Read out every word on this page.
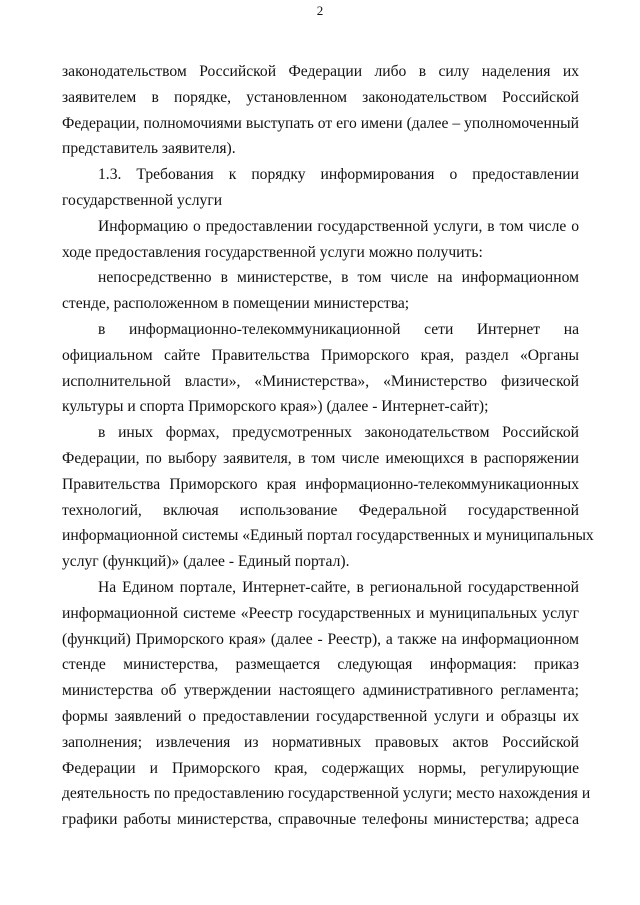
2

законодательством Российской Федерации либо в силу наделения их
заявителем в порядке, установленном законодательством Российской
Федерации, полномочиями выступать от его имени (далее – уполномоченный
представитель заявителя).

1.3. Требования к порядку информирования о предоставлении
государственной услуги

Информацию о предоставлении государственной услуги, в том числе о
ходе предоставления государственной услуги можно получить:

непосредственно в министерстве, в том числе на информационном
стенде, расположенном в помещении министерства;

в информационно-телекоммуникационной сети Интернет на
официальном сайте Правительства Приморского края, раздел «Органы
исполнительной власти», «Министерства», «Министерство физической
культуры и спорта Приморского края») (далее - Интернет-сайт);

в иных формах, предусмотренных законодательством Российской
Федерации, по выбору заявителя, в том числе имеющихся в распоряжении
Правительства Приморского края информационно-телекоммуникационных
технологий, включая использование Федеральной государственной
информационной системы «Единый портал государственных и муниципальных
услуг (функций)» (далее - Единый портал).

На Едином портале, Интернет-сайте, в региональной государственной
информационной системе «Реестр государственных и муниципальных услуг
(функций) Приморского края» (далее - Реестр), а также на информационном
стенде министерства, размещается следующая информация: приказ
министерства об утверждении настоящего административного регламента;
формы заявлений о предоставлении государственной услуги и образцы их
заполнения; извлечения из нормативных правовых актов Российской
Федерации и Приморского края, содержащих нормы, регулирующие
деятельность по предоставлению государственной услуги; место нахождения и
графики работы министерства, справочные телефоны министерства; адреса
